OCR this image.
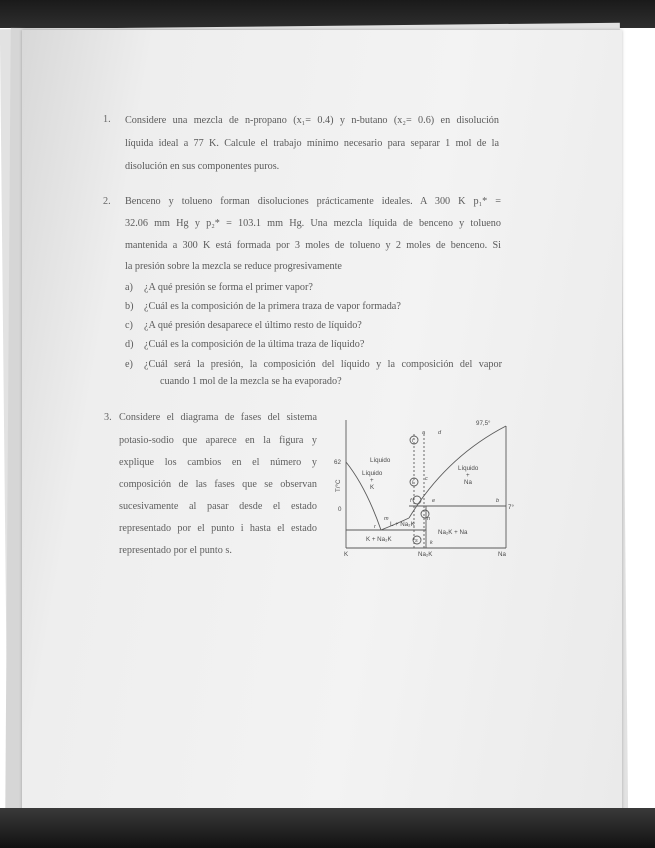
1. Considere una mezcla de n-propano (x₁= 0.4) y n-butano (x₂= 0.6) en disolución
líquida ideal a 77 K. Calcule el trabajo mínimo necesario para separar 1 mol de la
disolución en sus componentes puros.
2. Benceno y tolueno forman disoluciones prácticamente ideales. A 300 K p₁* =
32.06 mm Hg y p₂* = 103.1 mm Hg. Una mezcla líquida de benceno y tolueno
mantenida a 300 K está formada por 3 moles de tolueno y 2 moles de benceno. Si
la presión sobre la mezcla se reduce progresivamente
a) ¿A qué presión se forma el primer vapor?
b) ¿Cuál es la composición de la primera traza de vapor formada?
c) ¿A qué presión desaparece el último resto de líquido?
d) ¿Cuál es la composición de la última traza de líquido?
e) ¿Cuál será la presión, la composición del líquido y la composición del vapor
cuando 1 mol de la mezcla se ha evaporado?
3. Considere el diagrama de fases del sistema
potasio-sodio que aparece en la figura y
explique los cambios en el número y
composición de las fases que se observan
sucesivamente al pasar desde el estado
representado por el punto i hasta el estado
representado por el punto s.
97,5°
62
0	7°
T/°C
Líquido
Líquido
+
K
Líquido
+
Na
L + Na₂K
K + Na₂K
Na₂K + Na
K	Na₂K	Na
i
l
a d
e
f	b
c
r
m	n
s k
